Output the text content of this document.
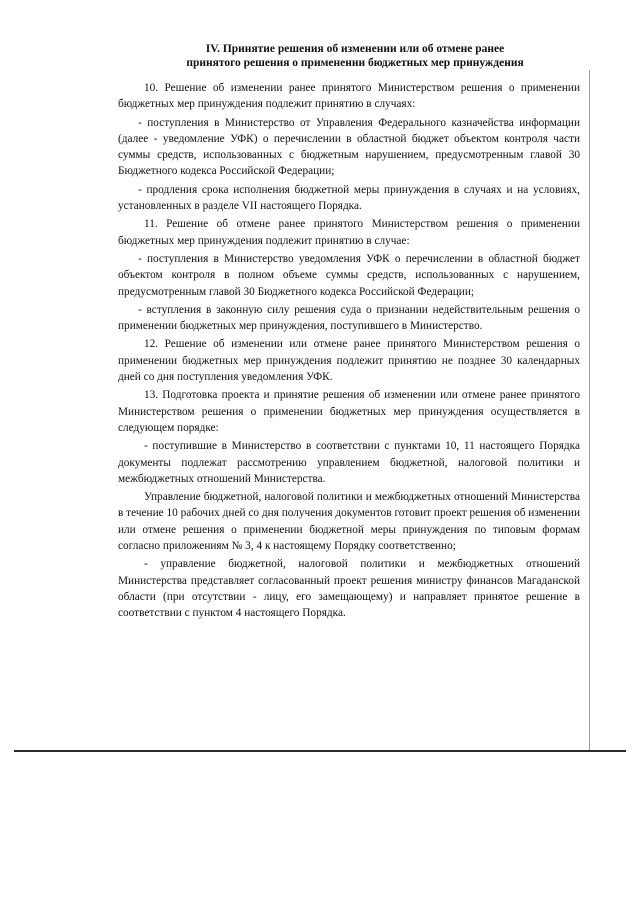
IV. Принятие решения об изменении или об отмене ранее
принятого решения о применении бюджетных мер принуждения

10. Решение об изменении ранее принятого Министерством решения о применении бюджетных мер принуждения подлежит принятию в случаях:

- поступления в Министерство от Управления Федерального казначейства информации (далее - уведомление УФК) о перечислении в областной бюджет объектом контроля части суммы средств, использованных с бюджетным нарушением, предусмотренным главой 30 Бюджетного кодекса Российской Федерации;

- продления срока исполнения бюджетной меры принуждения в случаях и на условиях, установленных в разделе VII настоящего Порядка.

11. Решение об отмене ранее принятого Министерством решения о применении бюджетных мер принуждения подлежит принятию в случае:

- поступления в Министерство уведомления УФК о перечислении в областной бюджет объектом контроля в полном объеме суммы средств, использованных с нарушением, предусмотренным главой 30 Бюджетного кодекса Российской Федерации;

- вступления в законную силу решения суда о признании недействительным решения о применении бюджетных мер принуждения, поступившего в Министерство.

12. Решение об изменении или отмене ранее принятого Министерством решения о применении бюджетных мер принуждения подлежит принятию не позднее 30 календарных дней со дня поступления уведомления УФК.

13. Подготовка проекта и принятие решения об изменении или отмене ранее принятого Министерством решения о применении бюджетных мер принуждения осуществляется в следующем порядке:

- поступившие в Министерство в соответствии с пунктами 10, 11 настоящего Порядка документы подлежат рассмотрению управлением бюджетной, налоговой политики и межбюджетных отношений Министерства.

Управление бюджетной, налоговой политики и межбюджетных отношений Министерства в течение 10 рабочих дней со дня получения документов готовит проект решения об изменении или отмене решения о применении бюджетной меры принуждения по типовым формам согласно приложениям № 3, 4 к настоящему Порядку соответственно;

- управление бюджетной, налоговой политики и межбюджетных отношений Министерства представляет согласованный проект решения министру финансов Магаданской области (при отсутствии - лицу, его замещающему) и направляет принятое решение в соответствии с пунктом 4 настоящего Порядка.
